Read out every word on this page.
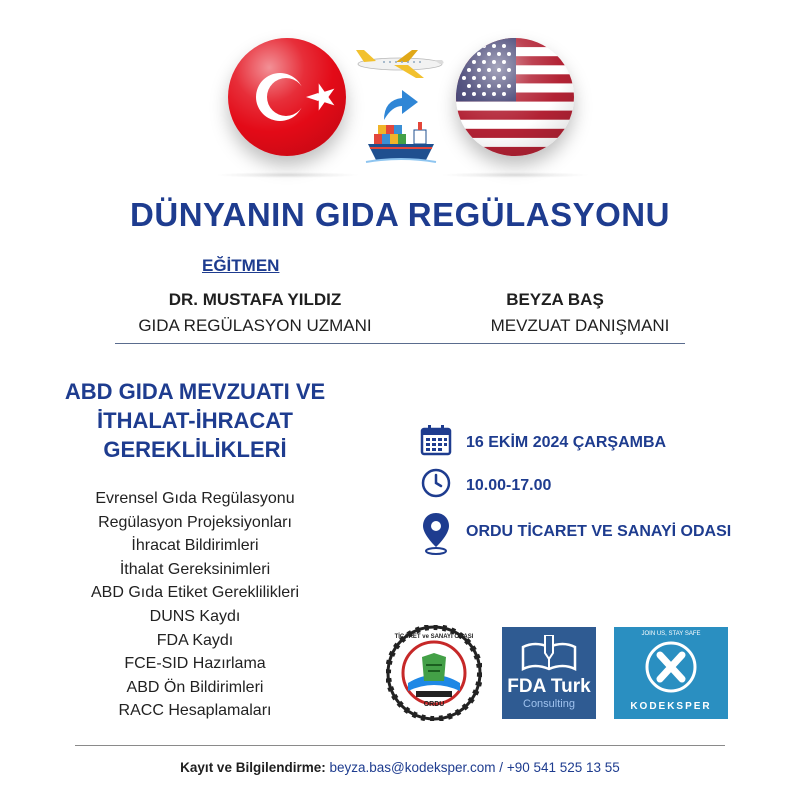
DÜNYANIN GIDA REGÜLASYONU
EĞİTMEN
DR. MUSTAFA YILDIZ
GIDA REGÜLASYON UZMANI
BEYZA BAŞ
MEVZUAT DANIŞMANI
ABD GIDA MEVZUATI VE
İTHALAT-İHRACAT
GEREKLİLİKLERİ
Evrensel Gıda Regülasyonu
Regülasyon Projeksiyonları
İhracat Bildirimleri
İthalat Gereksinimleri
ABD Gıda Etiket Gereklilikleri
DUNS Kaydı
FDA Kaydı
FCE-SID Hazırlama
ABD Ön Bildirimleri
RACC Hesaplamaları
16 EKİM 2024 ÇARŞAMBA
10.00-17.00
ORDU TİCARET VE SANAYİ ODASI
TİCARET ve SANAYİ ODASI
ORDU
FDA Turk
Consulting
JOIN US, STAY SAFE
KODEKSPER
Kayıt ve Bilgilendirme: beyza.bas@kodeksper.com / +90 541 525 13 55
